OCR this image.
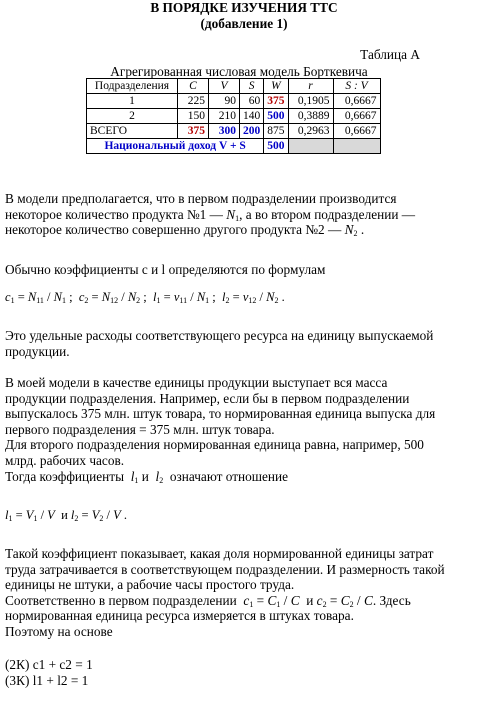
В ПОРЯДКЕ ИЗУЧЕНИЯ ТТС
(добавление 1)
Таблица А
Агрегированная числовая модель Борткевича
Подразделения	C	V	S	W	r	S : V
1	225	90	60	375	0,1905	0,6667
2	150	210	140	500	0,3889	0,6667
ВСЕГО	375	300	200	875	0,2963	0,6667
Национальный доход V + S				500		

В модели предполагается, что в первом подразделении производится

некоторое количество продукта №1 — $N_1$, а во втором подразделении —

некоторое количество совершенно другого продукта №2 — $N_2$ .

Обычно коэффициенты c и l определяются по формулам
$c_1 = N_{11} / N_1$ ;  $c_2 = N_{12} / N_2$ ;  $l_1 = \nu_{11} / N_1$ ;  $l_2 = \nu_{12} / N_2$ .

Это удельные расходы соответствующего ресурса на единицу выпускаемой

продукции.

В моей модели в качестве единицы продукции выступает вся масса

продукции подразделения. Например, если бы в первом подразделении

выпускалось 375 млн. штук товара, то нормированная единица выпуска для

первого подразделения = 375 млн. штук товара.

Для второго подразделения нормированная единица равна, например, 500

млрд. рабочих часов.

Тогда коэффициенты $l_1$ и  $l_2$ означают отношение

$l_1 = V_1 / V$  и $l_2 = V_2 / V$ .

Такой коэффициент показывает, какая доля нормированной единицы затрат

труда затрачивается в соответствующем подразделении. И размерность такой

единицы не штуки, а рабочие часы простого труда.

Соответственно в первом подразделении $c_1 = C_1 / C$  и $c_2 = C_2 / C$. Здесь

нормированная единица ресурса измеряется в штуках товара.

Поэтому на основе

(2К) с1 + с2 = 1

(3К) l1 + l2 = 1
